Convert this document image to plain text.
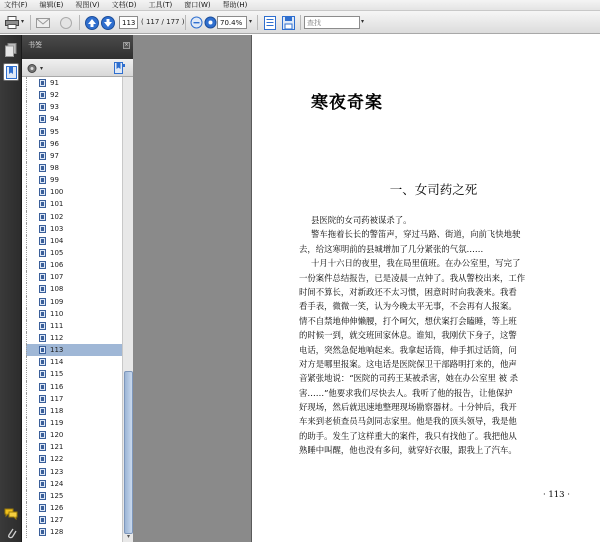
文件(F) 编辑(E) 视图(V) 文档(D) 工具(T) 窗口(W) 帮助(H)
▾
113	( 117 / 177 )
70.4%	▾
查找	▾
书签	×
▾
91
92
93
94
95
96
97
98
99
100
101
102
103
104
105
106
107
108
109
110
111
112
113
114
115
116
117
118
119
120
121
122
123
124
125
126
127
128
▾
寒夜奇案
一、女司药之死
县医院的女司药被谋杀了。
警车拖着长长的警笛声，穿过马路、街道，向前飞快地驶
去，给这寒明前的县城增加了几分紧张的气氛……
十月十六日的夜里，我在局里值班。在办公室里，写完了
一份案件总结报告，已是凌晨一点钟了。我从警校出来，工作
时间不算长，对新政还不太习惯，困意时时向我袭来。我看
看手表，微微一笑，认为今晚太平无事，不会再有人报案。
情不自禁地伸伸懒腰，打个呵欠，想伏案打会瞌睡，等上班
的时候一到，就交班回家休息。谁知，我刚伏下身子，这警
电话，突然急促地响起来。我拿起话筒，伸手抓过话筒，问
对方是哪里报案。这电话是医院保卫干部路明打来的，他声
音紧张地说：“医院的司药王某被杀害，她在办公室里 被 杀
害……”他要求我们尽快去人。我听了他的报告，让他保护
好现场，然后就迅速地整理现场勘察器材。十分钟后，我开
车来到老侦查员马剑同志家里。他是我的顶头领导，我是他
的助手。发生了这样重大的案件，我只有找他了。我把他从
熟睡中叫醒，他也没有多问，就穿好衣服，跟我上了汽车。
· 113 ·
